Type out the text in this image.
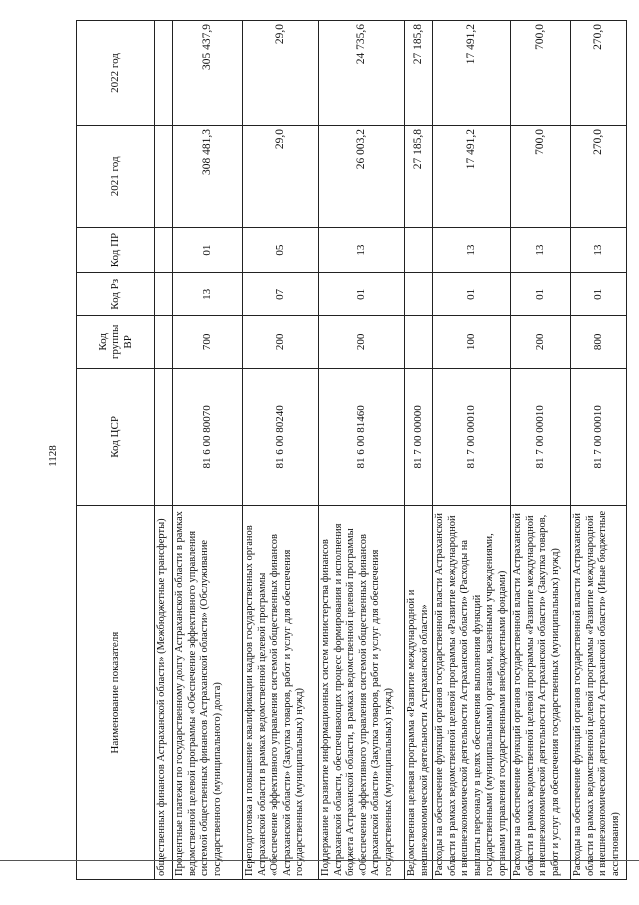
Наименование показателя	Код ЦСР	Код группы ВР	Код Рз	Код ПР	2021 год	2022 год
общественных финансов Астраханской области» (Межбюджетные трансферты)						
Процентные платежи по государственному долгу Астраханской области в рамках ведомственной целевой программы «Обеспечение эффективного управления системой общественных финансов Астраханской области» (Обслуживание государственного (муниципального) долга)	81 6 00 80070	700	13	01	308 481,3	305 437,9
Переподготовка и повышение квалификации кадров государственных органов Астраханской области в рамках ведомственной целевой программы «Обеспечение эффективного управления системой общественных финансов Астраханской области» (Закупка товаров, работ и услуг для обеспечения государственных (муниципальных) нужд)	81 6 00 80240	200	07	05	29,0	29,0
Поддержание и развитие информационных систем министерства финансов Астраханской области, обеспечивающих процесс формирования и исполнения бюджета Астраханской области, в рамках ведомственной целевой программы «Обеспечение эффективного управления системой общественных финансов Астраханской области» (Закупка товаров, работ и услуг для обеспечения государственных (муниципальных) нужд)	81 6 00 81460	200	01	13	26 003,2	24 735,6
Ведомственная целевая программа «Развитие международной и внешнеэкономической деятельности Астраханской области»	81 7 00 00000				27 185,8	27 185,8
Расходы на обеспечение функций органов государственной власти Астраханской области в рамках ведомственной целевой программы «Развитие международной и внешнеэкономической деятельности Астраханской области» (Расходы на выплаты персоналу в целях обеспечения выполнения функций государственными (муниципальными) органами, казенными учреждениями, органами управления государственными внебюджетными фондами)	81 7 00 00010	100	01	13	17 491,2	17 491,2
Расходы на обеспечение функций органов государственной власти Астраханской области в рамках ведомственной целевой программы «Развитие международной и внешнеэкономической деятельности Астраханской области» (Закупка товаров, работ и услуг для обеспечения государственных (муниципальных) нужд)	81 7 00 00010	200	01	13	700,0	700,0
Расходы на обеспечение функций органов государственной власти Астраханской области в рамках ведомственной целевой программы «Развитие международной и внешнеэкономической деятельности Астраханской области» (Иные бюджетные ассигнования)	81 7 00 00010	800	01	13	270,0	270,0
1128
